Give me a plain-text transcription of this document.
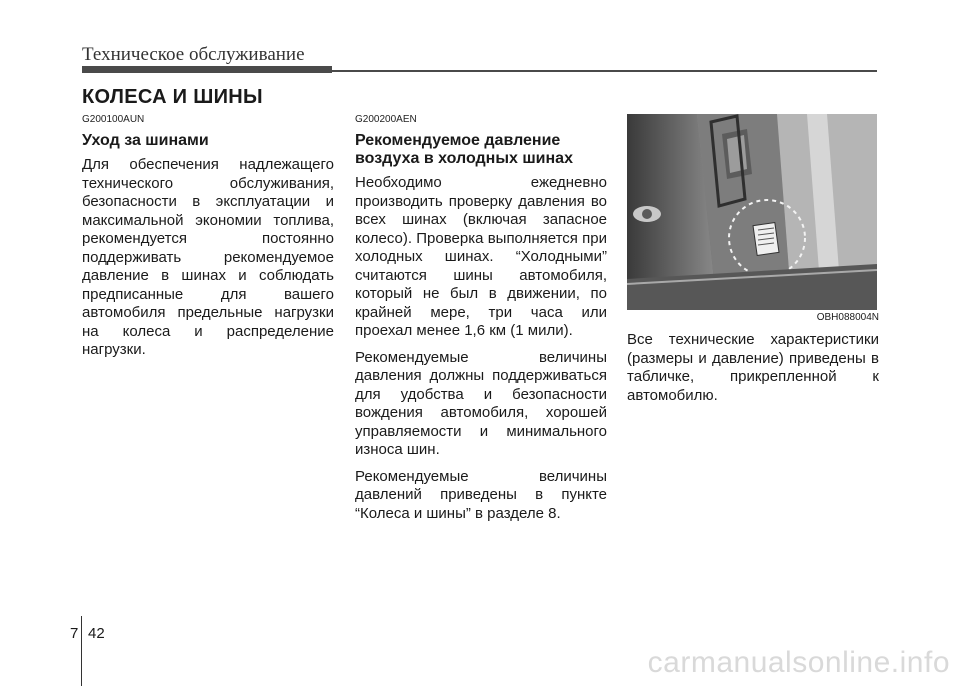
Техническое обслуживание
КОЛЕСА И ШИНЫ
G200100AUN
Уход за шинами

Для обеспечения надлежащего технического обслуживания, безопасности в эксплуатации и максимальной экономии топлива, рекомендуется постоянно поддерживать рекомендуемое давление в шинах и соблюдать предписанные для вашего автомобиля предельные нагрузки на колеса и распределение нагрузки.

G200200AEN
Рекомендуемое давление воздуха в холодных шинах

Необходимо ежедневно производить проверку давления во всех шинах (включая запасное колесо). Проверка выполняется при холодных шинах. “Холодными” считаются шины автомобиля, который не был в движении, по крайней мере, три часа или проехал менее 1,6 км (1 мили).

Рекомендуемые величины давления должны поддерживаться для удобства и безопасности вождения автомобиля, хорошей управляемости и минимального износа шин.

Рекомендуемые величины давлений приведены в пункте “Колеса и шины” в разделе 8.

OBH088004N

Все технические характеристики (размеры и давление) приведены в табличке, прикрепленной к автомобилю.

7 42
carmanualsonline.info
